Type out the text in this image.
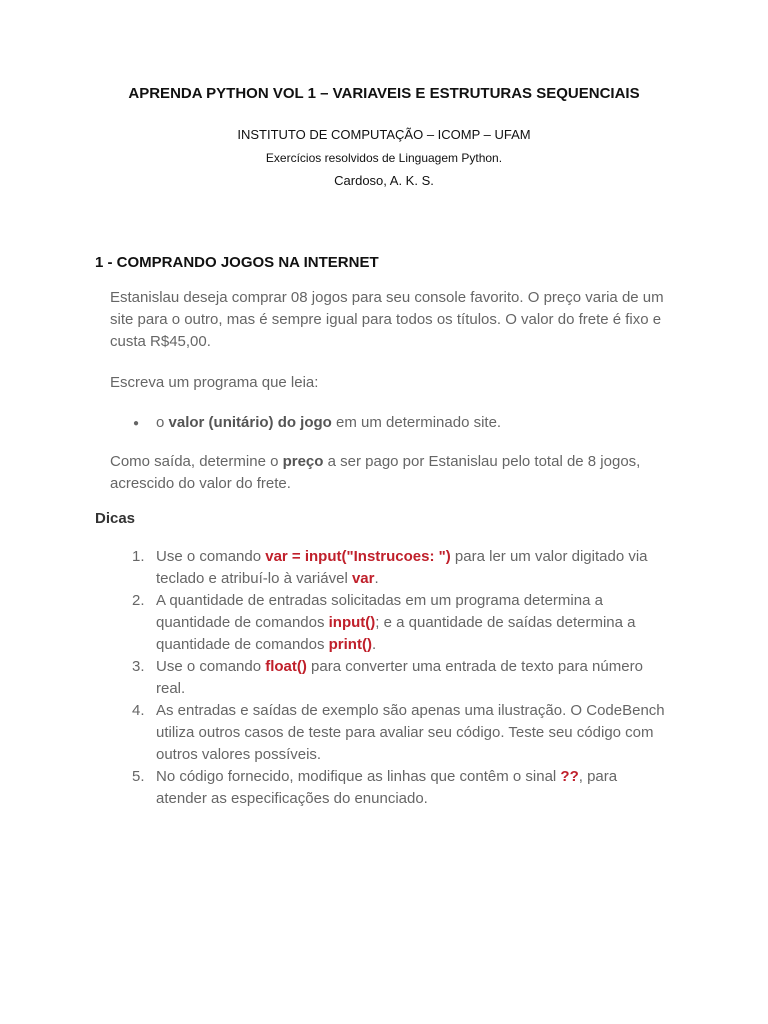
APRENDA PYTHON VOL 1 – VARIAVEIS E ESTRUTURAS SEQUENCIAIS
INSTITUTO DE COMPUTAÇÃO – ICOMP – UFAM
Exercícios resolvidos de Linguagem Python.
Cardoso, A. K. S.
1 - COMPRANDO JOGOS NA INTERNET
Estanislau deseja comprar 08 jogos para seu console favorito. O preço varia de um site para o outro, mas é sempre igual para todos os títulos. O valor do frete é fixo e custa R$45,00.
Escreva um programa que leia:
● o valor (unitário) do jogo em um determinado site.
Como saída, determine o preço a ser pago por Estanislau pelo total de 8 jogos, acrescido do valor do frete.
Dicas
1. Use o comando var = input("Instrucoes: ") para ler um valor digitado via teclado e atribuí-lo à variável var.
2. A quantidade de entradas solicitadas em um programa determina a quantidade de comandos input(); e a quantidade de saídas determina a quantidade de comandos print().
3. Use o comando float() para converter uma entrada de texto para número real.
4. As entradas e saídas de exemplo são apenas uma ilustração. O CodeBench utiliza outros casos de teste para avaliar seu código. Teste seu código com outros valores possíveis.
5. No código fornecido, modifique as linhas que contêm o sinal ??, para atender as especificações do enunciado.
